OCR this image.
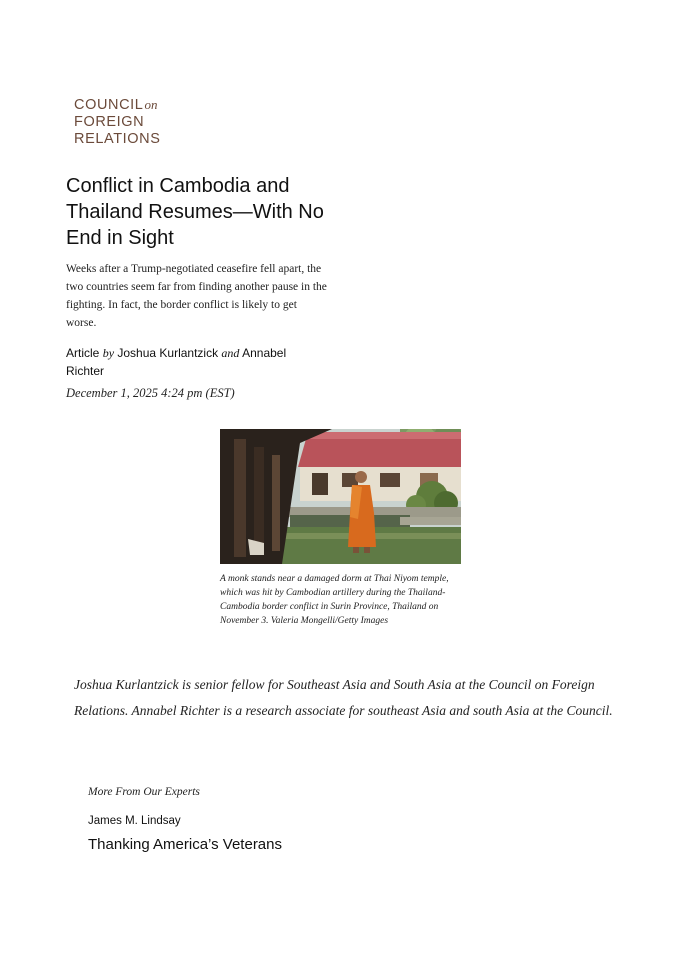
COUNCILon
FOREIGN
RELATIONS
Conflict in Cambodia and Thailand Resumes—With No End in Sight

Weeks after a Trump-negotiated ceasefire fell apart, the two countries seem far from finding another pause in the fighting. In fact, the border conflict is likely to get worse.

Article by Joshua Kurlantzick and Annabel Richter
December 1, 2025 4:24 pm (EST)

A monk stands near a damaged dorm at Thai Niyom temple, which was hit by Cambodian artillery during the Thailand-Cambodia border conflict in Surin Province, Thailand on November 3. Valeria Mongelli/Getty Images

Joshua Kurlantzick is senior fellow for Southeast Asia and South Asia at the Council on Foreign Relations. Annabel Richter is a research associate for southeast Asia and south Asia at the Council.

More From Our Experts
James M. Lindsay
Thanking America’s Veterans
